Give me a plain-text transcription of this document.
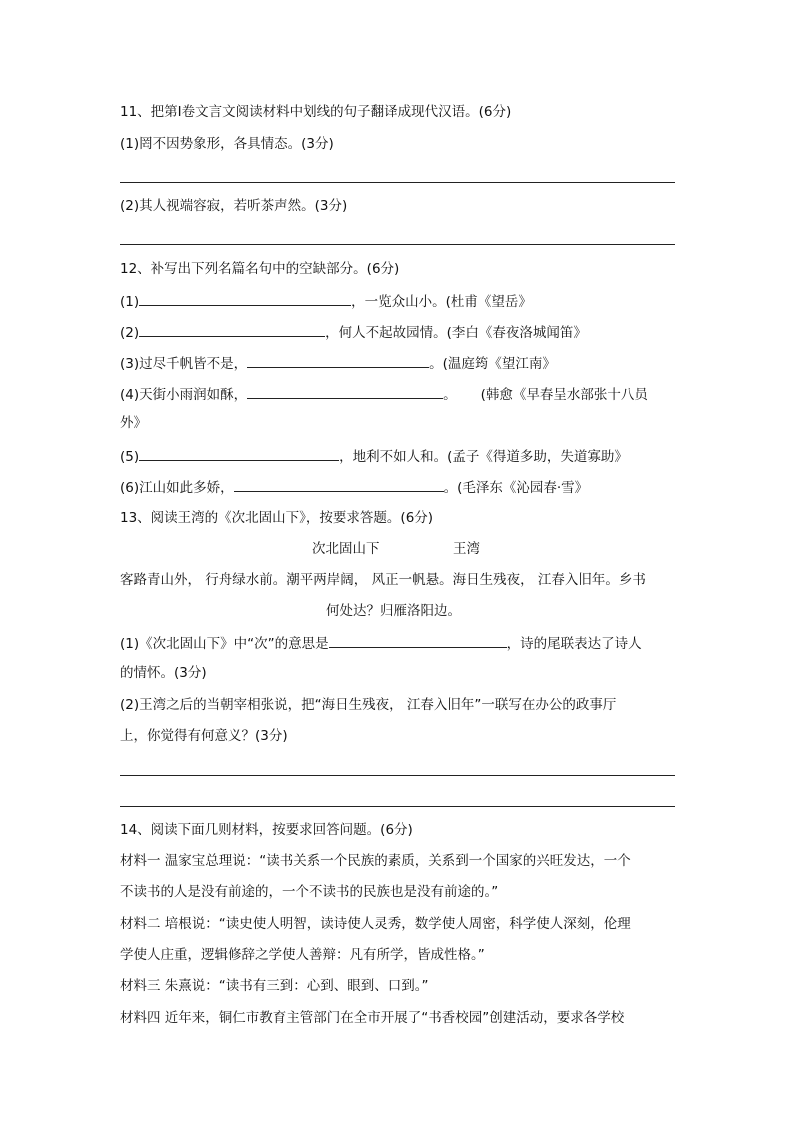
11、把第Ⅰ卷文言文阅读材料中划线的句子翻译成现代汉语。(6分)
(1)罔不因势象形，各具情态。(3分)
(2)其人视端容寂，若听茶声然。(3分)
12、补写出下列名篇名句中的空缺部分。(6分)
(1)	，一览众山小。(杜甫《望岳》
(2)	，何人不起故园情。(李白《春夜洛城闻笛》
(3)过尽千帆皆不是，	。(温庭筠《望江南》
(4)天街小雨润如酥，	。 (韩愈《早春呈水部张十八员
外》
(5)	，地利不如人和。(孟子《得道多助，失道寡助》
(6)江山如此多娇，	。(毛泽东《沁园春·雪》
13、阅读王湾的《次北固山下》，按要求答题。(6分)
次北固山下	王湾
客路青山外， 行舟绿水前。潮平两岸阔， 风正一帆悬。海日生残夜， 江春入旧年。乡书
何处达？归雁洛阳边。
(1)《次北固山下》中“次”的意思是	，诗的尾联表达了诗人
的情怀。(3分)
(2)王湾之后的当朝宰相张说，把“海日生残夜， 江春入旧年”一联写在办公的政事厅
上，你觉得有何意义？(3分)
14、阅读下面几则材料，按要求回答问题。(6分)
材料一 温家宝总理说：“读书关系一个民族的素质，关系到一个国家的兴旺发达，一个
不读书的人是没有前途的，一个不读书的民族也是没有前途的。”
材料二 培根说：“读史使人明智，读诗使人灵秀，数学使人周密，科学使人深刻，伦理
学使人庄重，逻辑修辞之学使人善辩：凡有所学，皆成性格。”
材料三 朱熹说：“读书有三到：心到、眼到、口到。”
材料四 近年来，铜仁市教育主管部门在全市开展了“书香校园”创建活动，要求各学校
